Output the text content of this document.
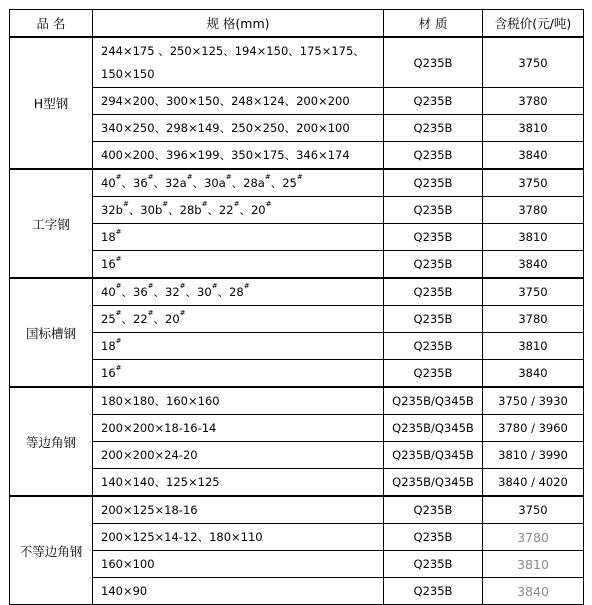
品 名	规 格(mm)	材 质	含税价(元/吨)
H型钢	244×175 、250×125、194×150、175×175、150×150	Q235B	3750
	294×200、300×150、248×124、200×200	Q235B	3780
	340×250、298×149、250×250、200×100	Q235B	3810
	400×200、396×199、350×175、346×174	Q235B	3840
工字钢	40#、36#、32a#、30a#、28a#、25#	Q235B	3750
	32b#、30b#、28b#、22#、20#	Q235B	3780
	18#	Q235B	3810
	16#	Q235B	3840
国标槽钢	40#、36#、32#、30#、28#	Q235B	3750
	25#、22#、20#	Q235B	3780
	18#	Q235B	3810
	16#	Q235B	3840
等边角钢	180×180、160×160	Q235B/Q345B	3750 / 3930
	200×200×18-16-14	Q235B/Q345B	3780 / 3960
	200×200×24-20	Q235B/Q345B	3810 / 3990
	140×140、125×125	Q235B/Q345B	3840 / 4020
不等边角钢	200×125×18-16	Q235B	3750
	200×125×14-12、180×110	Q235B	3780
	160×100	Q235B	3810
	140×90	Q235B	3840
